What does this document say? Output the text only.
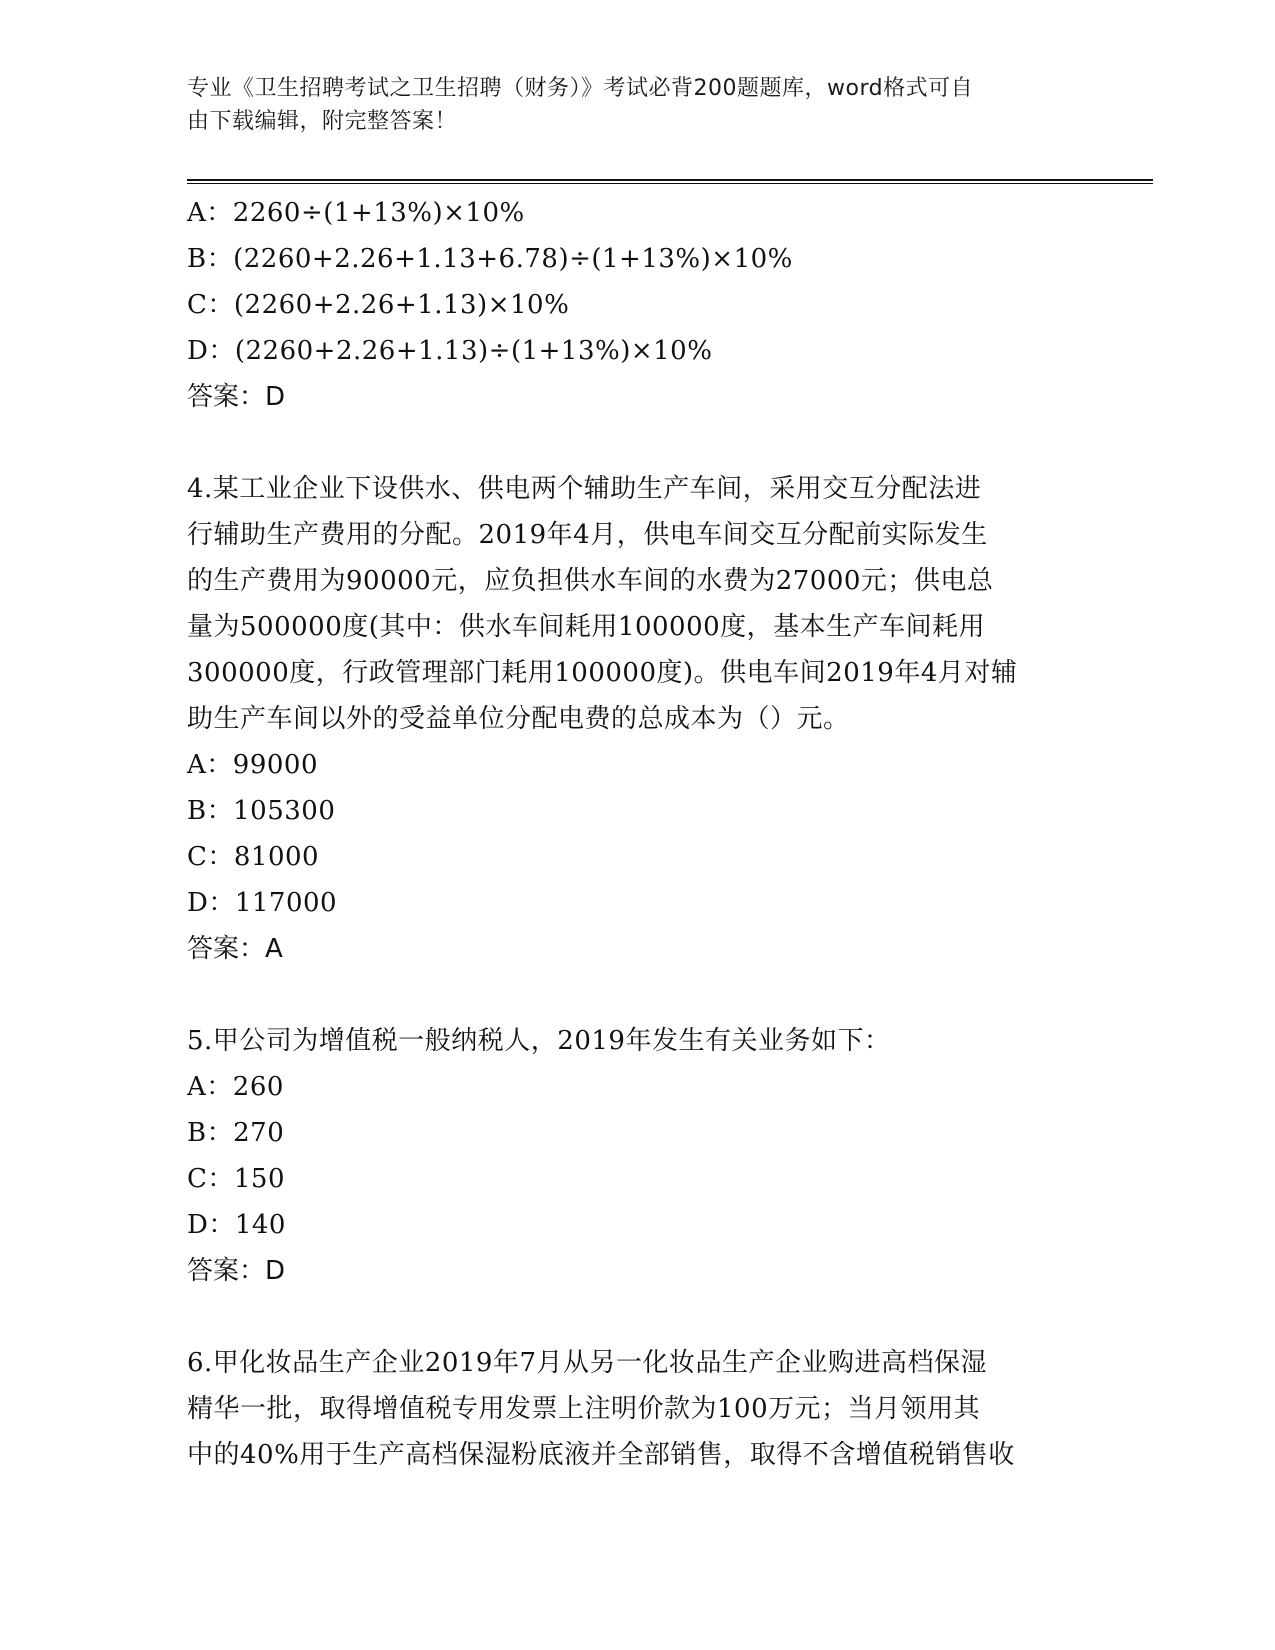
专业《卫生招聘考试之卫生招聘（财务）》考试必背200题题库，word格式可自
由下载编辑，附完整答案！
A：2260÷(1+13%)×10%
B：(2260+2.26+1.13+6.78)÷(1+13%)×10%
C：(2260+2.26+1.13)×10%
D：(2260+2.26+1.13)÷(1+13%)×10%
答案：D
4.某工业企业下设供水、供电两个辅助生产车间，采用交互分配法进
行辅助生产费用的分配。2019年4月，供电车间交互分配前实际发生
的生产费用为90000元，应负担供水车间的水费为27000元；供电总
量为500000度(其中：供水车间耗用100000度，基本生产车间耗用
300000度，行政管理部门耗用100000度)。供电车间2019年4月对辅
助生产车间以外的受益单位分配电费的总成本为（）元。
A：99000
B：105300
C：81000
D：117000
答案：A
5.甲公司为增值税一般纳税人，2019年发生有关业务如下：
A：260
B：270
C：150
D：140
答案：D
6.甲化妆品生产企业2019年7月从另一化妆品生产企业购进高档保湿
精华一批，取得增值税专用发票上注明价款为100万元；当月领用其
中的40%用于生产高档保湿粉底液并全部销售，取得不含增值税销售收
